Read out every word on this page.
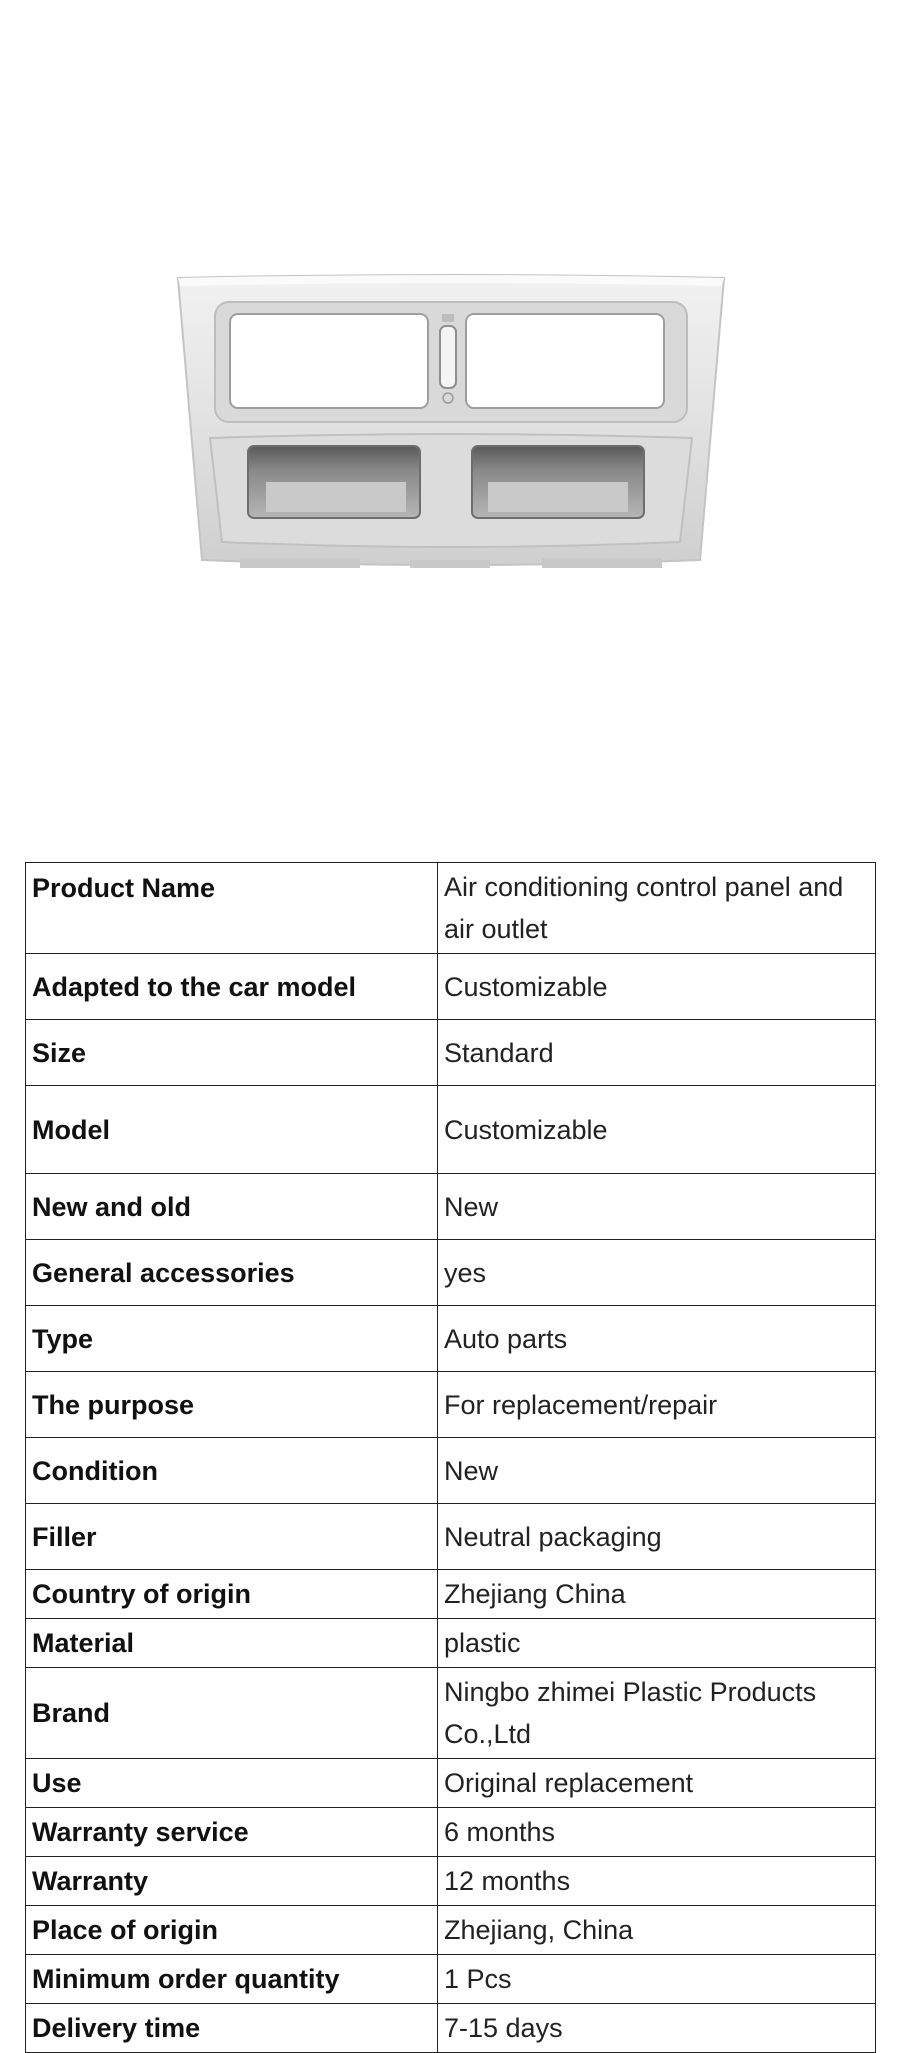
Product Name	Air conditioning control panel and air outlet
Adapted to the car model	Customizable
Size	Standard
Model	Customizable
New and old	New
General accessories	yes
Type	Auto parts
The purpose	For replacement/repair
Condition	New
Filler	Neutral packaging
Country of origin	Zhejiang China
Material	plastic
Brand	Ningbo zhimei Plastic Products Co.,Ltd
Use	Original replacement
Warranty service	6 months
Warranty	12 months
Place of origin	Zhejiang, China
Minimum order quantity	1 Pcs
Delivery time	7-15 days
